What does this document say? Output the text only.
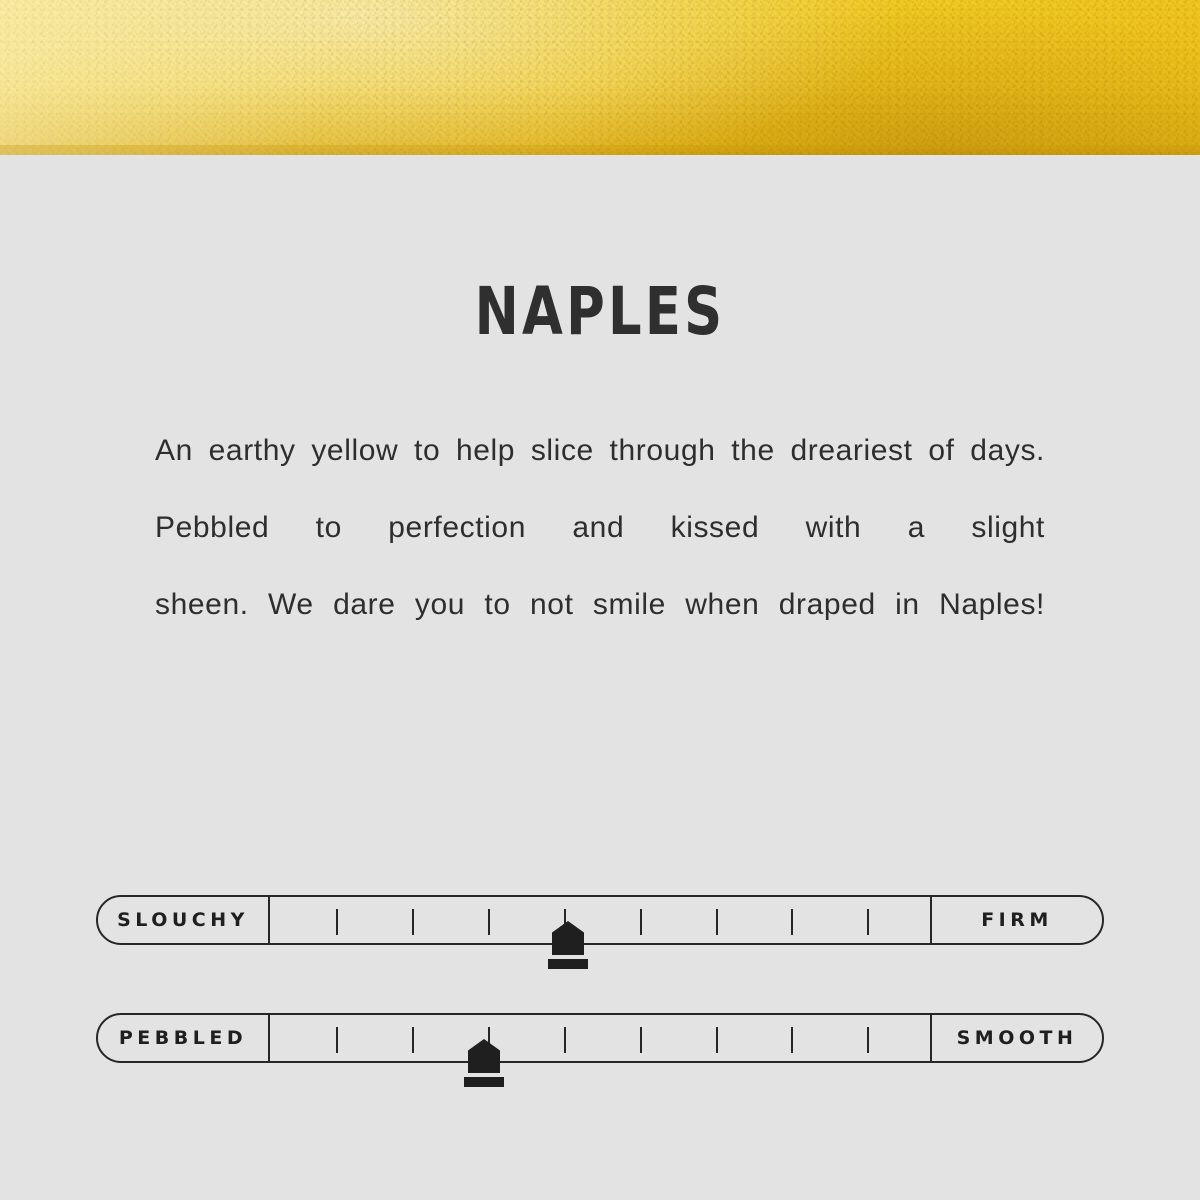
NAPLES
An earthy yellow to help slice through the dreariest of days. Pebbled to perfection and kissed with a slight
sheen. We dare you to not smile when draped in Naples!
SLOUCHY	FIRM
PEBBLED	SMOOTH
